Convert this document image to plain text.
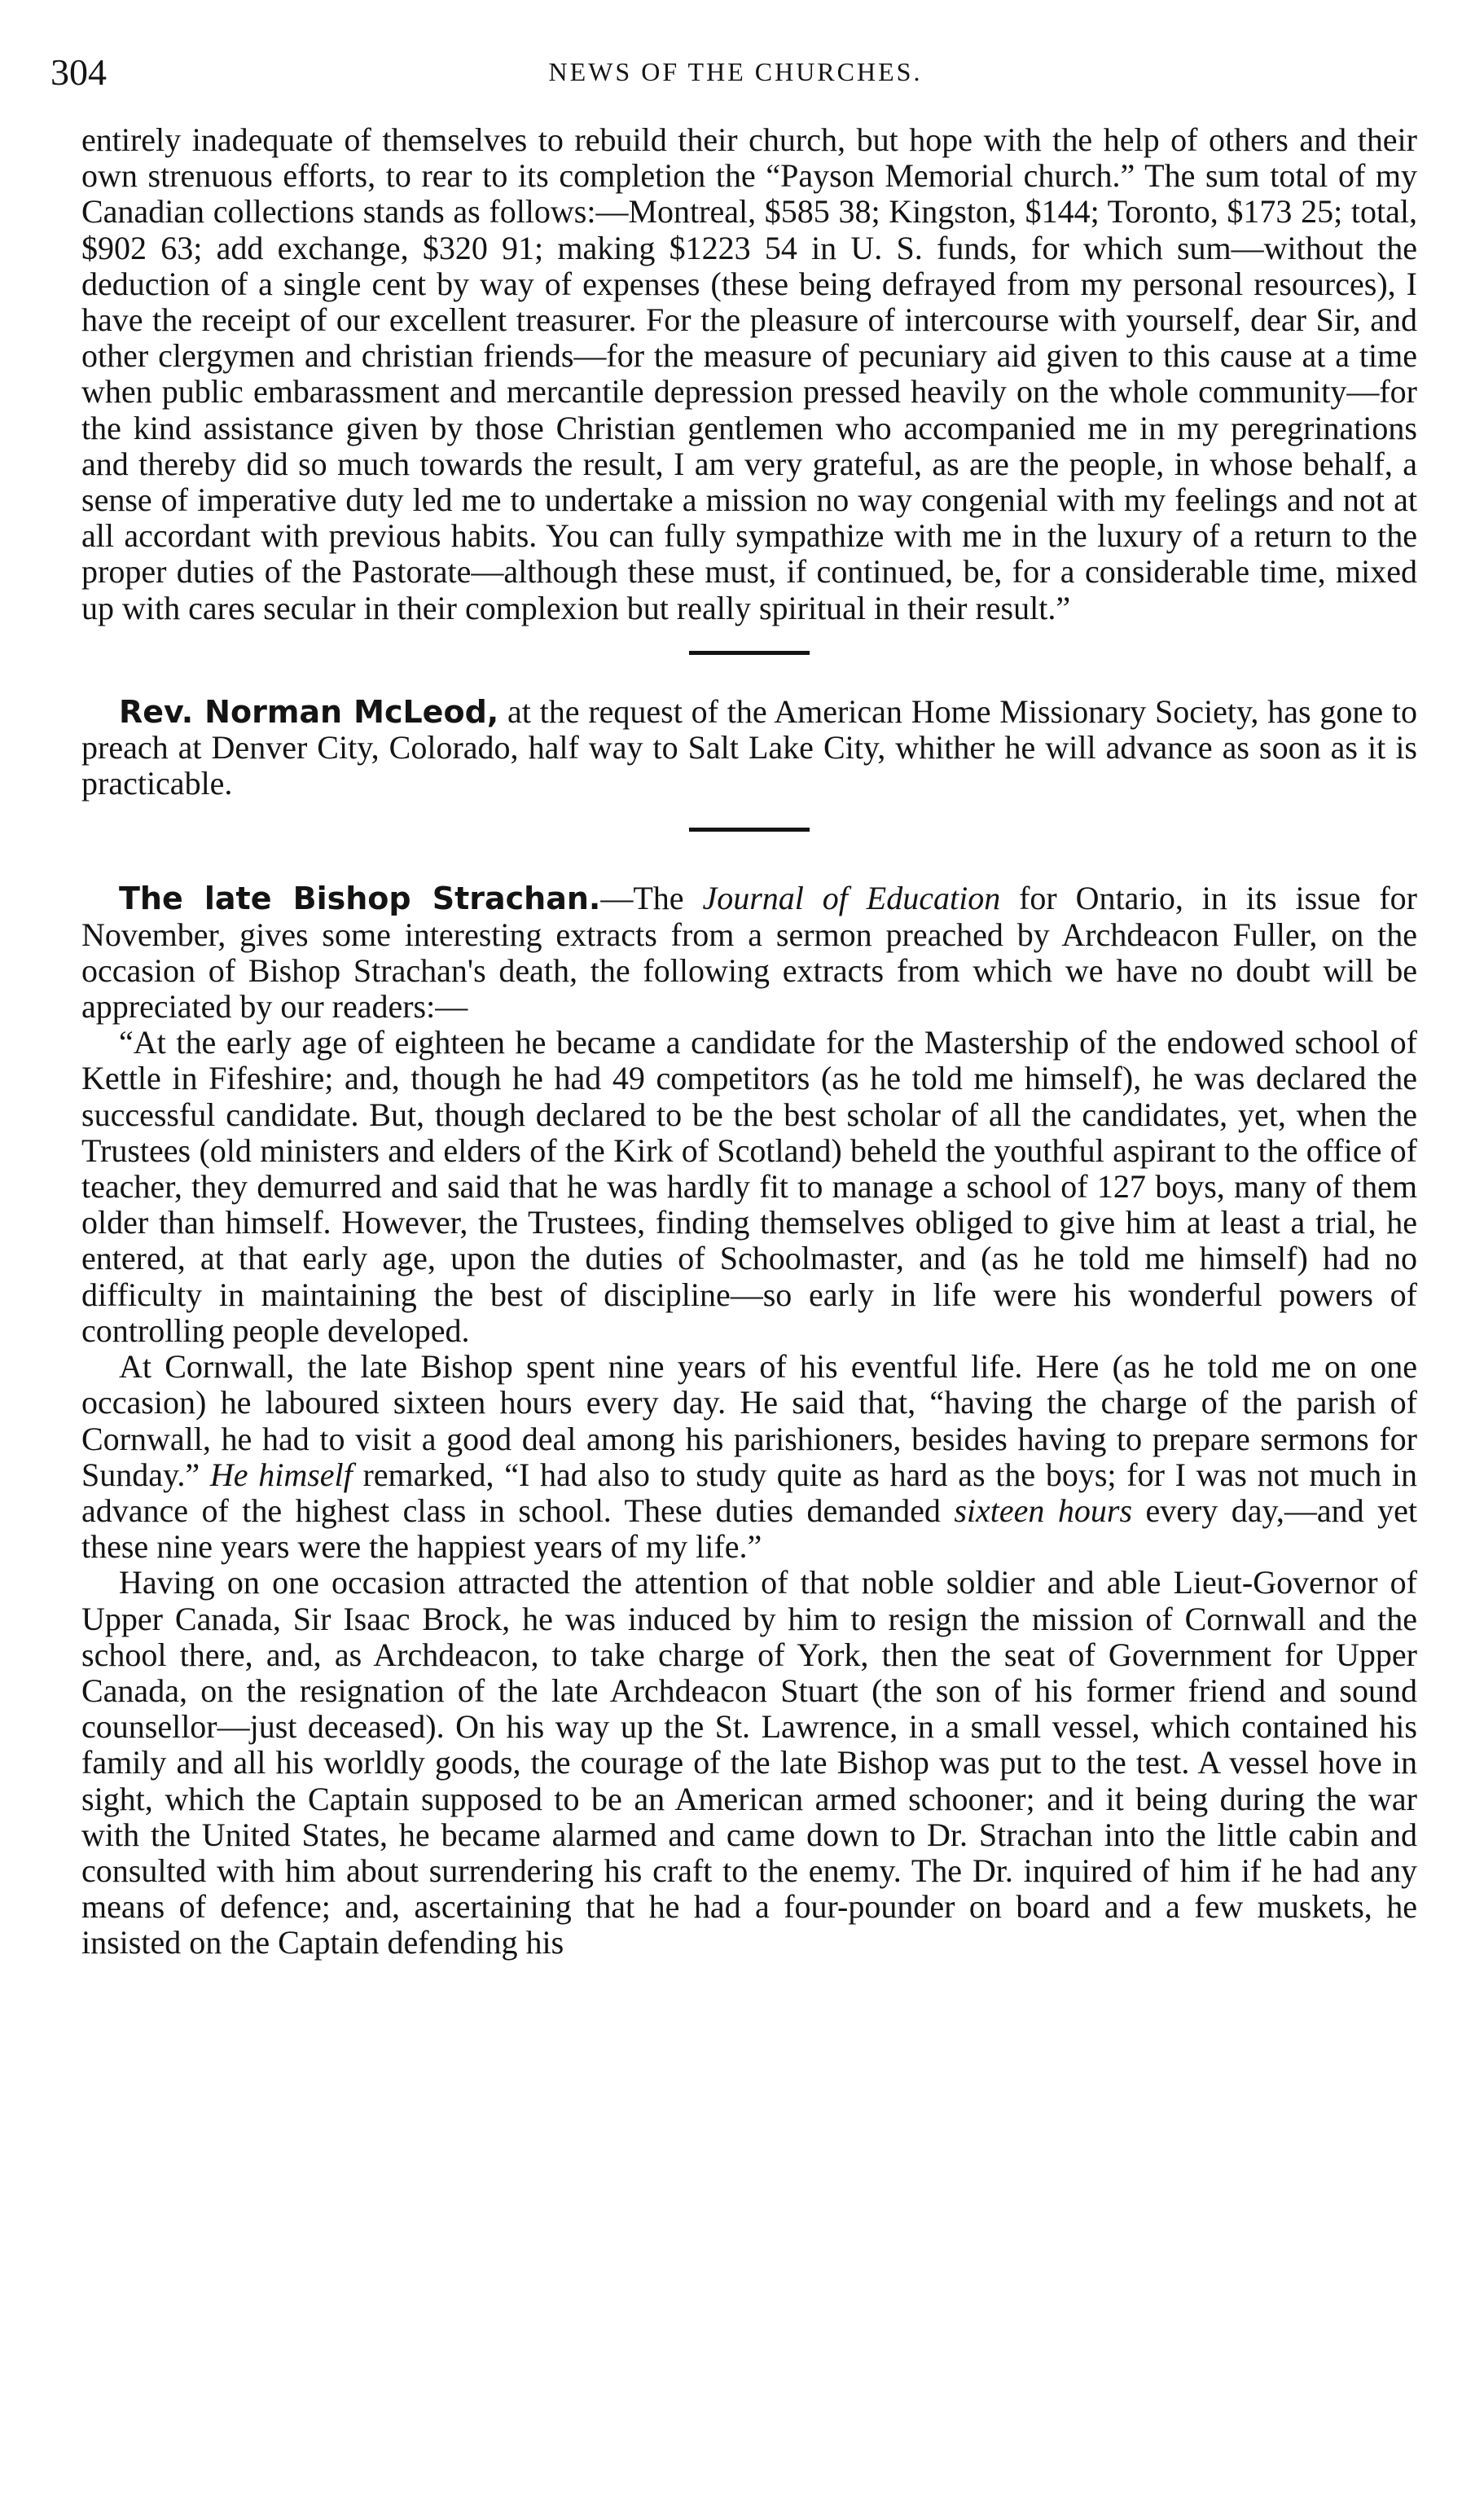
304	NEWS OF THE CHURCHES.

entirely inadequate of themselves to rebuild their church, but hope with the help of others and their own strenuous efforts, to rear to its completion the “Payson Memorial church.” The sum total of my Canadian collections stands as follows:—Montreal, $585 38; Kingston, $144; Toronto, $173 25; total, $902 63; add exchange, $320 91; making $1223 54 in U. S. funds, for which sum—without the deduction of a single cent by way of expenses (these being defrayed from my personal resources), I have the receipt of our excellent treasurer. For the pleasure of intercourse with yourself, dear Sir, and other clergymen and christian friends—for the measure of pecuniary aid given to this cause at a time when public embarassment and mercantile depression pressed heavily on the whole community—for the kind assistance given by those Christian gentlemen who accompanied me in my peregrinations and thereby did so much towards the result, I am very grateful, as are the people, in whose behalf, a sense of imperative duty led me to undertake a mission no way congenial with my feelings and not at all accordant with previous habits. You can fully sympathize with me in the luxury of a return to the proper duties of the Pastorate—although these must, if continued, be, for a considerable time, mixed up with cares secular in their complexion but really spiritual in their result.”

Rev. Norman McLeod, at the request of the American Home Missionary Society, has gone to preach at Denver City, Colorado, half way to Salt Lake City, whither he will advance as soon as it is practicable.

The late Bishop Strachan.—The Journal of Education for Ontario, in its issue for November, gives some interesting extracts from a sermon preached by Archdeacon Fuller, on the occasion of Bishop Strachan's death, the following extracts from which we have no doubt will be appreciated by our readers:—

“At the early age of eighteen he became a candidate for the Mastership of the endowed school of Kettle in Fifeshire; and, though he had 49 competitors (as he told me himself), he was declared the successful candidate. But, though declared to be the best scholar of all the candidates, yet, when the Trustees (old ministers and elders of the Kirk of Scotland) beheld the youthful aspirant to the office of teacher, they demurred and said that he was hardly fit to manage a school of 127 boys, many of them older than himself. However, the Trustees, finding themselves obliged to give him at least a trial, he entered, at that early age, upon the duties of Schoolmaster, and (as he told me himself) had no difficulty in maintaining the best of discipline—so early in life were his wonderful powers of controlling people developed.

At Cornwall, the late Bishop spent nine years of his eventful life. Here (as he told me on one occasion) he laboured sixteen hours every day. He said that, “having the charge of the parish of Cornwall, he had to visit a good deal among his parishioners, besides having to prepare sermons for Sunday.” He himself remarked, “I had also to study quite as hard as the boys; for I was not much in advance of the highest class in school. These duties demanded sixteen hours every day,—and yet these nine years were the happiest years of my life.”

Having on one occasion attracted the attention of that noble soldier and able Lieut-Governor of Upper Canada, Sir Isaac Brock, he was induced by him to resign the mission of Cornwall and the school there, and, as Archdeacon, to take charge of York, then the seat of Government for Upper Canada, on the resignation of the late Archdeacon Stuart (the son of his former friend and sound counsellor—just deceased). On his way up the St. Lawrence, in a small vessel, which contained his family and all his worldly goods, the courage of the late Bishop was put to the test. A vessel hove in sight, which the Captain supposed to be an American armed schooner; and it being during the war with the United States, he became alarmed and came down to Dr. Strachan into the little cabin and consulted with him about surrendering his craft to the enemy. The Dr. inquired of him if he had any means of defence; and, ascertaining that he had a four-pounder on board and a few muskets, he insisted on the Captain defending his
